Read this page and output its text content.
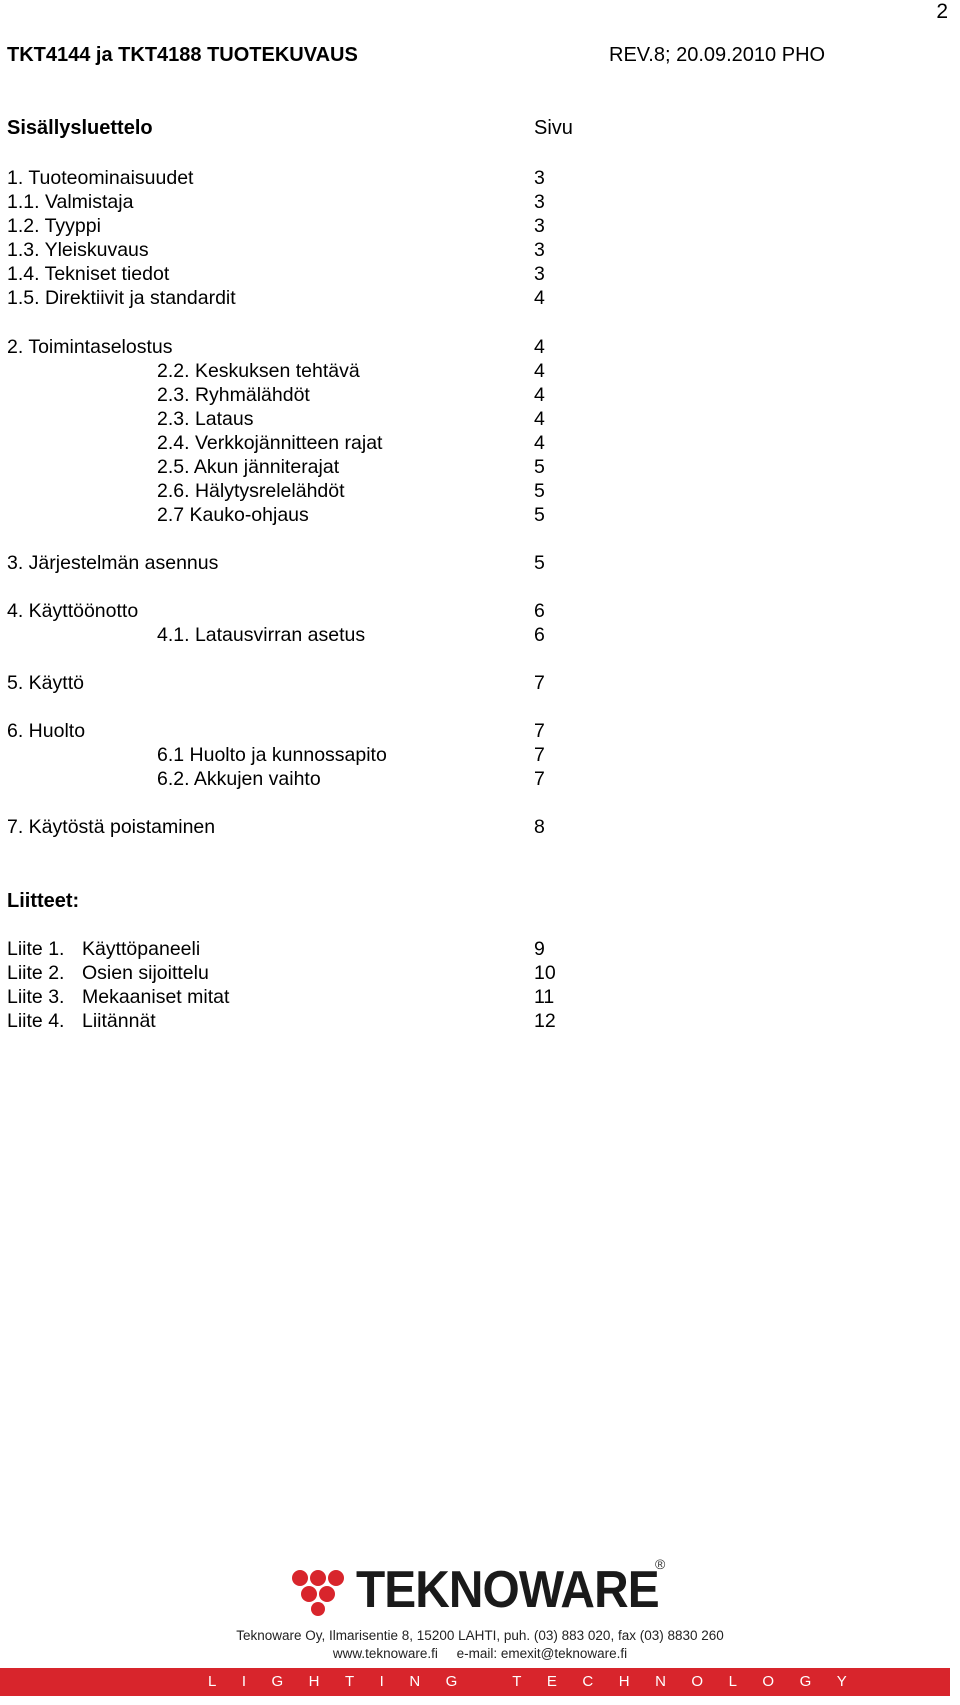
2
TKT4144 ja TKT4188 TUOTEKUVAUS	REV.8; 20.09.2010 PHO
Sisällysluettelo	Sivu
1. Tuoteominaisuudet	3
1.1. Valmistaja	3
1.2. Tyyppi	3
1.3. Yleiskuvaus	3
1.4. Tekniset tiedot	3
1.5. Direktiivit ja standardit	4
2. Toimintaselostus	4
2.2. Keskuksen tehtävä	4
2.3. Ryhmälähdöt	4
2.3. Lataus	4
2.4. Verkkojännitteen rajat	4
2.5. Akun jänniterajat	5
2.6. Hälytysrelelähdöt	5
2.7 Kauko-ohjaus	5
3. Järjestelmän asennus	5
4. Käyttöönotto	6
4.1. Latausvirran asetus	6
5. Käyttö	7
6. Huolto	7
6.1 Huolto ja kunnossapito	7
6.2. Akkujen vaihto	7
7. Käytöstä poistaminen	8
Liitteet:
Liite 1. Käyttöpaneeli	9
Liite 2. Osien sijoittelu	10
Liite 3. Mekaaniset mitat	11
Liite 4. Liitännät	12
TEKNOWARE
®
Teknoware Oy, Ilmarisentie 8, 15200 LAHTI, puh. (03) 883 020, fax (03) 8830 260
www.teknoware.fi     e-mail: emexit@teknoware.fi
LIGHTING TECHNOLOGY
